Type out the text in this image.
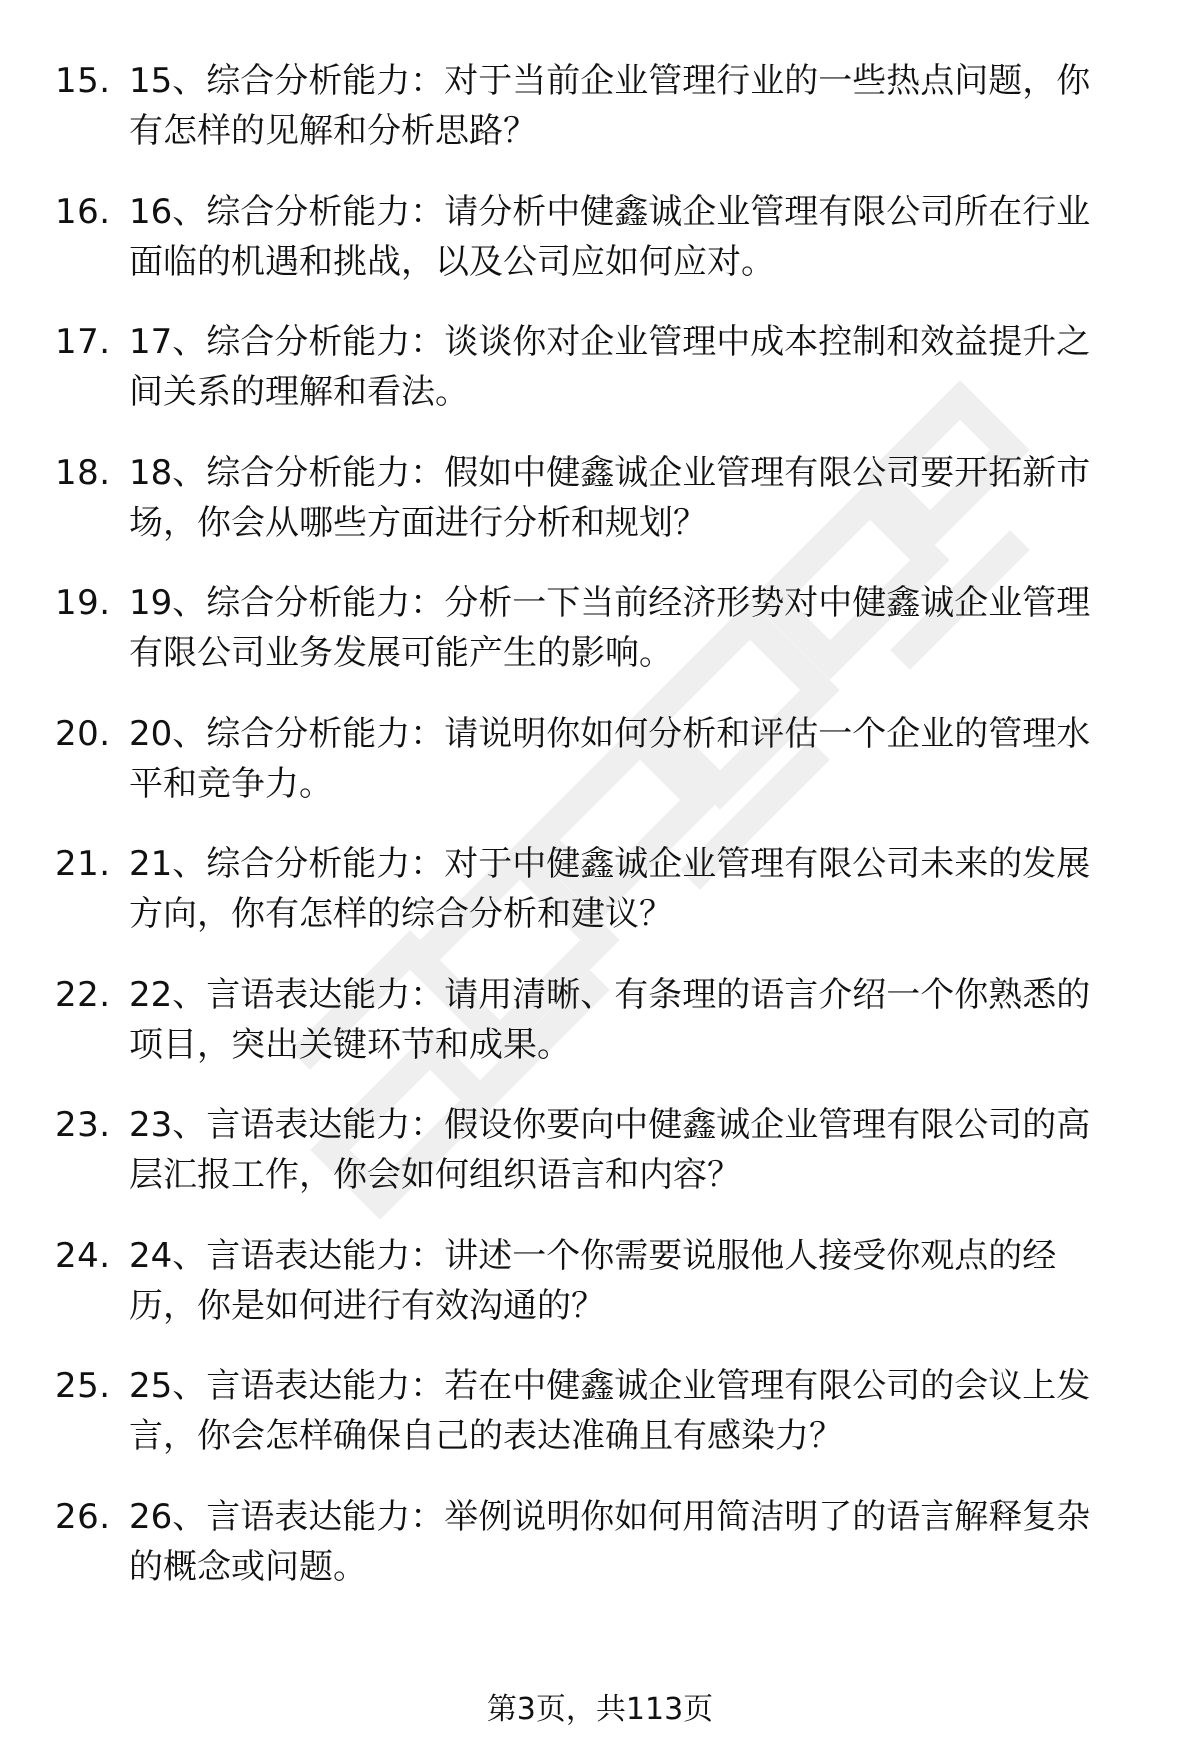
15. 15、综合分析能力：对于当前企业管理行业的一些热点问题，你
有怎样的见解和分析思路？
16. 16、综合分析能力：请分析中健鑫诚企业管理有限公司所在行业
面临的机遇和挑战，以及公司应如何应对。
17. 17、综合分析能力：谈谈你对企业管理中成本控制和效益提升之
间关系的理解和看法。
18. 18、综合分析能力：假如中健鑫诚企业管理有限公司要开拓新市
场，你会从哪些方面进行分析和规划？
19. 19、综合分析能力：分析一下当前经济形势对中健鑫诚企业管理
有限公司业务发展可能产生的影响。
20. 20、综合分析能力：请说明你如何分析和评估一个企业的管理水
平和竞争力。
21. 21、综合分析能力：对于中健鑫诚企业管理有限公司未来的发展
方向，你有怎样的综合分析和建议？
22. 22、言语表达能力：请用清晰、有条理的语言介绍一个你熟悉的
项目，突出关键环节和成果。
23. 23、言语表达能力：假设你要向中健鑫诚企业管理有限公司的高
层汇报工作，你会如何组织语言和内容？
24. 24、言语表达能力：讲述一个你需要说服他人接受你观点的经
历，你是如何进行有效沟通的？
25. 25、言语表达能力：若在中健鑫诚企业管理有限公司的会议上发
言，你会怎样确保自己的表达准确且有感染力？
26. 26、言语表达能力：举例说明你如何用简洁明了的语言解释复杂
的概念或问题。
第3页，共113页
